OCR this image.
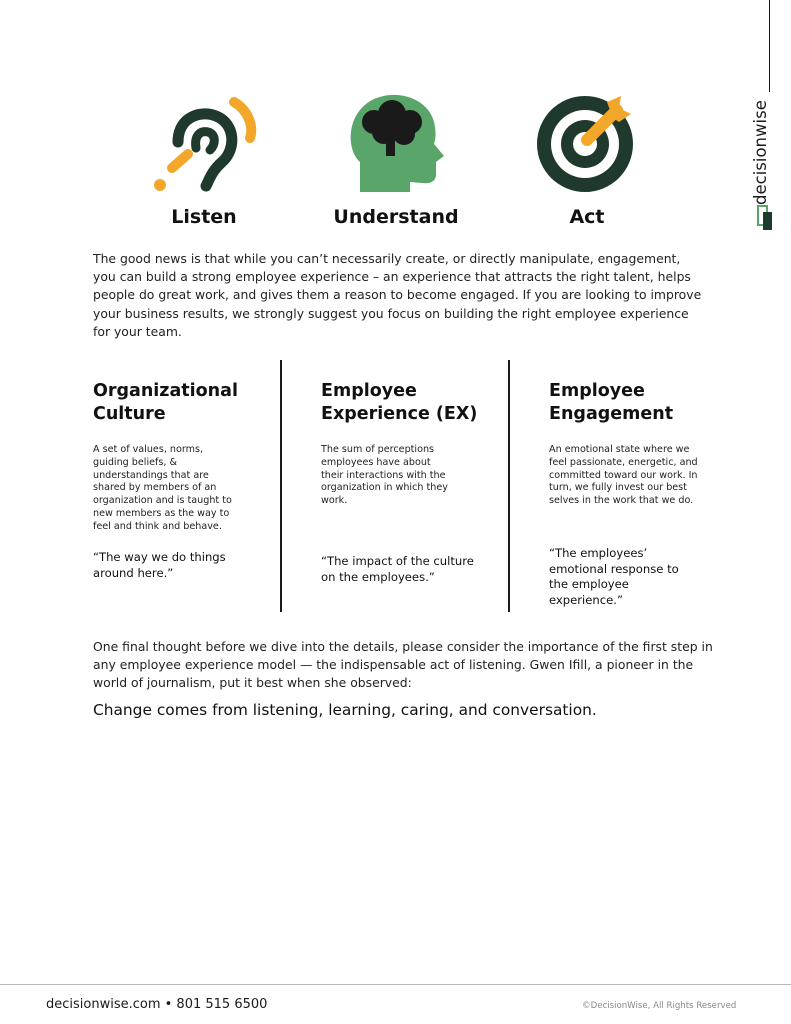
decisionwise
Listen	Understand	Act
The good news is that while you can’t necessarily create, or directly manipulate, engagement, you can build a strong employee experience – an experience that attracts the right talent, helps people do great work, and gives them a reason to become engaged. If you are looking to improve your business results, we strongly suggest you focus on building the right employee experience for your team.
Organizational Culture
A set of values, norms, guiding beliefs, & understandings that are shared by members of an organization and is taught to new members as the way to feel and think and behave.
“The way we do things around here.”
Employee Experience (EX)
The sum of perceptions employees have about their interactions with the organization in which they work.
“The impact of the culture on the employees.”
Employee Engagement
An emotional state where we feel passionate, energetic, and committed toward our work. In turn, we fully invest our best selves in the work that we do.
“The employees’ emotional response to the employee experience.”
One final thought before we dive into the details, please consider the importance of the first step in any employee experience model — the indispensable act of listening. Gwen Ifill, a pioneer in the world of journalism, put it best when she observed:
Change comes from listening, learning, caring, and conversation.
decisionwise.com • 801 515 6500	©DecisionWise, All Rights Reserved
